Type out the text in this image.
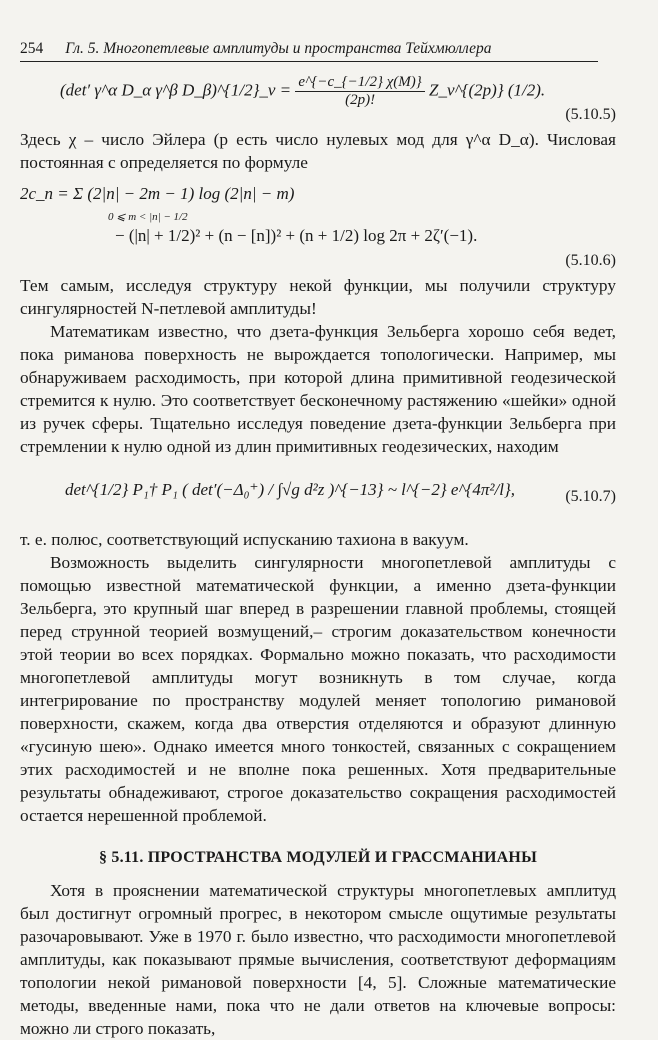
254 Гл. 5. Многопетлевые амплитуды и пространства Тейхмюллера
(det′ γ^α D_α γ^β D_β)^{1/2}_ν = $\frac{e\^{}\{-c\_\{-1/2\} \chi(M)\}}{(2p)!}$ Z_ν^{(2p)} (1/2).
(5.10.5)

Здесь χ – число Эйлера (p есть число нулевых мод для γ^α D_α). Числовая постоянная c определяется по формуле

2c_n = Σ (2|n| − 2m − 1) log (2|n| − m)
0 ⩽ m < |n| − 1/2
− (|n| + 1/2)² + (n − [n])² + (n + 1/2) log 2π + 2ζ′(−1).
(5.10.6)

Тем самым, исследуя структуру некой функции, мы получили структуру сингулярностей N-петлевой амплитуды!

Математикам известно, что дзета-функция Зельберга хорошо себя ведет, пока риманова поверхность не вырождается топологически. Например, мы обнаруживаем расходимость, при которой длина примитивной геодезической стремится к нулю. Это соответствует бесконечному растяжению «шейки» одной из ручек сферы. Тщательно исследуя поведение дзета-функции Зельберга при стремлении к нулю одной из длин примитивных геодезических, находим

det^{1/2} P₁† P₁ ( det′(−Δ₀⁺) / ∫√g d²z )^{−13} ~ l^{−2} e^{4π²/l},	(5.10.7)

т. е. полюс, соответствующий испусканию тахиона в вакуум.

Возможность выделить сингулярности многопетлевой амплитуды с помощью известной математической функции, а именно дзета-функции Зельберга, это крупный шаг вперед в разрешении главной проблемы, стоящей перед струнной теорией возмущений,– строгим доказательством конечности этой теории во всех порядках. Формально можно показать, что расходимости многопетлевой амплитуды могут возникнуть в том случае, когда интегрирование по пространству модулей меняет топологию римановой поверхности, скажем, когда два отверстия отделяются и образуют длинную «гусиную шею». Однако имеется много тонкостей, связанных с сокращением этих расходимостей и не вполне пока решенных. Хотя предварительные результаты обнадеживают, строгое доказательство сокращения расходимостей остается нерешенной проблемой.

§ 5.11. ПРОСТРАНСТВА МОДУЛЕЙ И ГРАССМАНИАНЫ

Хотя в прояснении математической структуры многопетлевых амплитуд был достигнут огромный прогрес, в некотором смысле ощутимые результаты разочаровывают. Уже в 1970 г. было известно, что расходимости многопетлевой амплитуды, как показывают прямые вычисления, соответствуют деформациям топологии некой римановой поверхности [4, 5]. Сложные математические методы, введенные нами, пока что не дали ответов на ключевые вопросы: можно ли строго показать,
